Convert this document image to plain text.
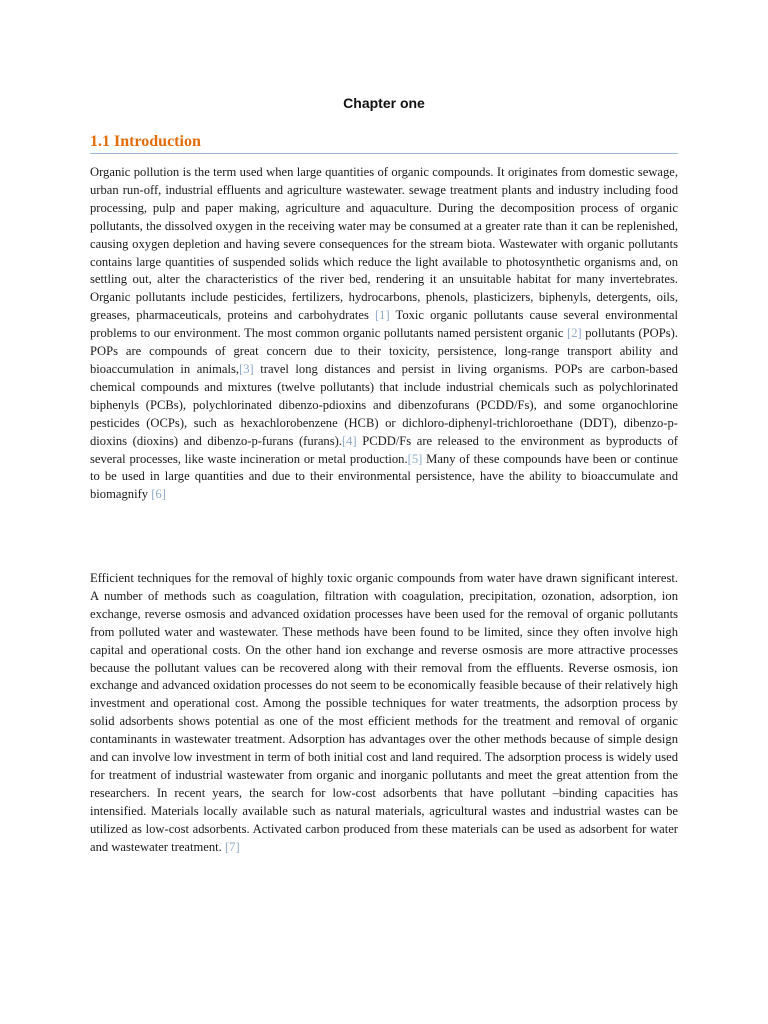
Chapter one
1.1 Introduction

Organic pollution is the term used when large quantities of organic compounds. It originates from domestic sewage, urban run-off, industrial effluents and agriculture wastewater. sewage treatment plants and industry including food processing, pulp and paper making, agriculture and aquaculture. During the decomposition process of organic pollutants, the dissolved oxygen in the receiving water may be consumed at a greater rate than it can be replenished, causing oxygen depletion and having severe consequences for the stream biota. Wastewater with organic pollutants contains large quantities of suspended solids which reduce the light available to photosynthetic organisms and, on settling out, alter the characteristics of the river bed, rendering it an unsuitable habitat for many invertebrates. Organic pollutants include pesticides, fertilizers, hydrocarbons, phenols, plasticizers, biphenyls, detergents, oils, greases, pharmaceuticals, proteins and carbohydrates [1] Toxic organic pollutants cause several environmental problems to our environment. The most common organic pollutants named persistent organic [2] pollutants (POPs). POPs are compounds of great concern due to their toxicity, persistence, long-range transport ability and bioaccumulation in animals,[3] travel long distances and persist in living organisms. POPs are carbon-based chemical compounds and mixtures (twelve pollutants) that include industrial chemicals such as polychlorinated biphenyls (PCBs), polychlorinated dibenzo-pdioxins and dibenzofurans (PCDD/Fs), and some organochlorine pesticides (OCPs), such as hexachlorobenzene (HCB) or dichloro-diphenyl-trichloroethane (DDT), dibenzo-p-dioxins (dioxins) and dibenzo-p-furans (furans).[4] PCDD/Fs are released to the environment as byproducts of several processes, like waste incineration or metal production.[5] Many of these compounds have been or continue to be used in large quantities and due to their environmental persistence, have the ability to bioaccumulate and biomagnify [6]

Efficient techniques for the removal of highly toxic organic compounds from water have drawn significant interest. A number of methods such as coagulation, filtration with coagulation, precipitation, ozonation, adsorption, ion exchange, reverse osmosis and advanced oxidation processes have been used for the removal of organic pollutants from polluted water and wastewater. These methods have been found to be limited, since they often involve high capital and operational costs. On the other hand ion exchange and reverse osmosis are more attractive processes because the pollutant values can be recovered along with their removal from the effluents. Reverse osmosis, ion exchange and advanced oxidation processes do not seem to be economically feasible because of their relatively high investment and operational cost. Among the possible techniques for water treatments, the adsorption process by solid adsorbents shows potential as one of the most efficient methods for the treatment and removal of organic contaminants in wastewater treatment. Adsorption has advantages over the other methods because of simple design and can involve low investment in term of both initial cost and land required. The adsorption process is widely used for treatment of industrial wastewater from organic and inorganic pollutants and meet the great attention from the researchers. In recent years, the search for low-cost adsorbents that have pollutant –binding capacities has intensified. Materials locally available such as natural materials, agricultural wastes and industrial wastes can be utilized as low-cost adsorbents. Activated carbon produced from these materials can be used as adsorbent for water and wastewater treatment. [7]
